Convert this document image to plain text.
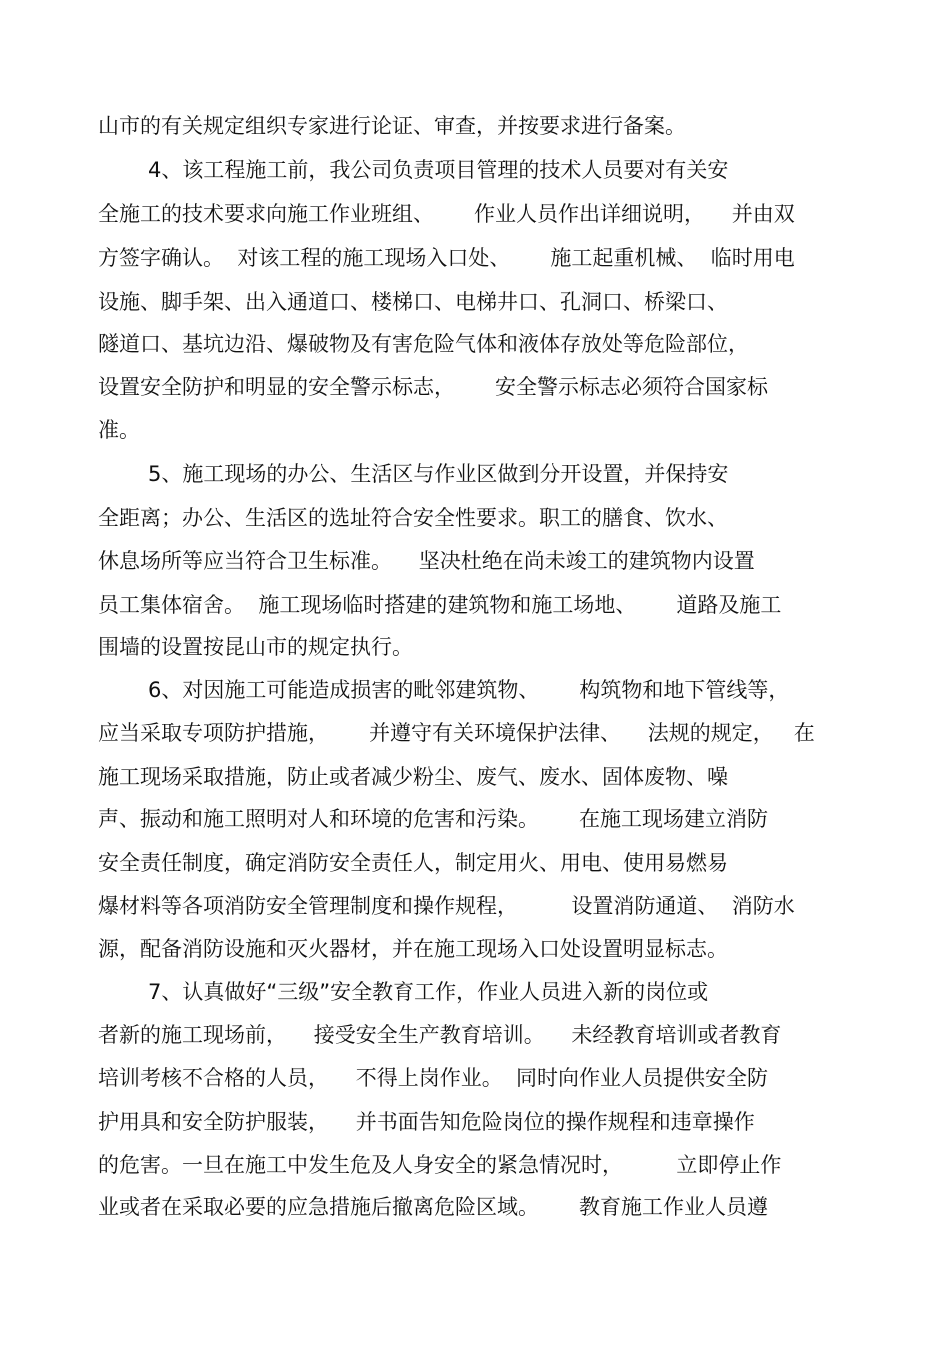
山市的有关规定组织专家进行论证、审查，并按要求进行备案。
4、该工程施工前，我公司负责项目管理的技术人员要对有关安
全施工的技术要求向施工作业班组、      作业人员作出详细说明，    并由双
方签字确认。  对该工程的施工现场入口处、      施工起重机械、  临时用电
设施、脚手架、出入通道口、楼梯口、电梯井口、孔洞口、桥梁口、
隧道口、基坑边沿、爆破物及有害危险气体和液体存放处等危险部位，
设置安全防护和明显的安全警示标志，      安全警示标志必须符合国家标
准。
5、施工现场的办公、生活区与作业区做到分开设置，并保持安
全距离；办公、生活区的选址符合安全性要求。职工的膳食、饮水、
休息场所等应当符合卫生标准。    坚决杜绝在尚未竣工的建筑物内设置
员工集体宿舍。  施工现场临时搭建的建筑物和施工场地、      道路及施工
围墙的设置按昆山市的规定执行。
6、对因施工可能造成损害的毗邻建筑物、      构筑物和地下管线等，
应当采取专项防护措施，      并遵守有关环境保护法律、    法规的规定，   在
施工现场采取措施，防止或者减少粉尘、废气、废水、固体废物、噪
声、振动和施工照明对人和环境的危害和污染。      在施工现场建立消防
安全责任制度，确定消防安全责任人，制定用火、用电、使用易燃易
爆材料等各项消防安全管理制度和操作规程，        设置消防通道、  消防水
源，配备消防设施和灭火器材，并在施工现场入口处设置明显标志。
7、认真做好“三级”安全教育工作，作业人员进入新的岗位或
者新的施工现场前，    接受安全生产教育培训。    未经教育培训或者教育
培训考核不合格的人员，    不得上岗作业。  同时向作业人员提供安全防
护用具和安全防护服装，    并书面告知危险岗位的操作规程和违章操作
的危害。一旦在施工中发生危及人身安全的紧急情况时，        立即停止作
业或者在采取必要的应急措施后撤离危险区域。      教育施工作业人员遵
